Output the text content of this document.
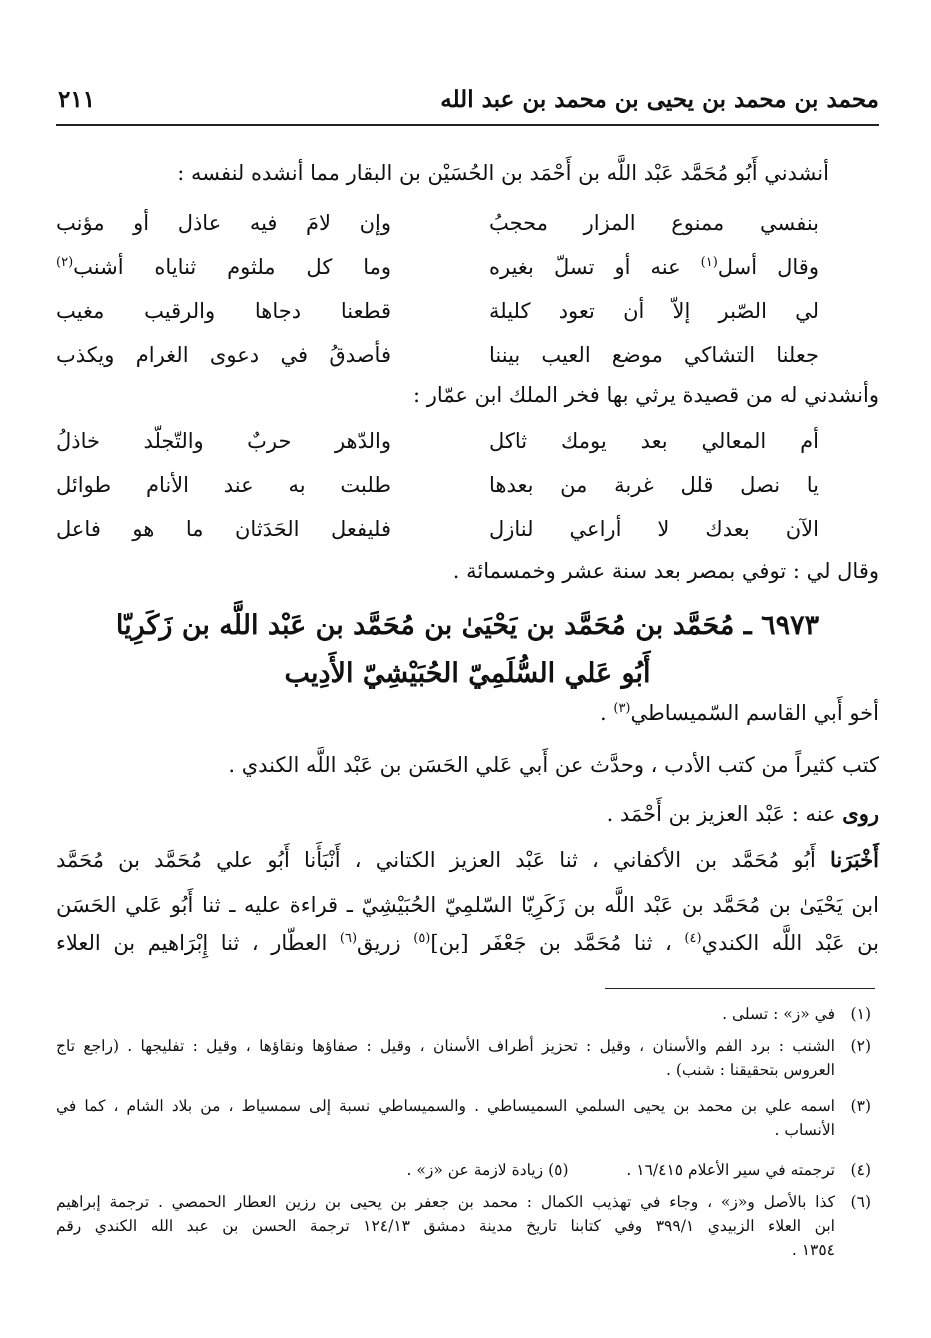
محمد بن محمد بن يحيى بن محمد بن عبد الله
٢١١
أنشدني أَبُو مُحَمَّد عَبْد اللَّه بن أَحْمَد بن الحُسَيْن بن البقار مما أنشده لنفسه :
بنفسي ممنوع المزار محجبُ
وإن لامَ فيه عاذل أو مؤنب
وقال أسل$^{(١)}$ عنه أو تسلّ بغيره
وما كل ملثوم ثناياه أشنب$^{(٢)}$
لي الصّبر إلاّ أن تعود كليلة
قطعنا دجاها والرقيب مغيب
جعلنا التشاكي موضع العيب بيننا
فأصدقُ في دعوى الغرام ويكذب
وأنشدني له من قصيدة يرثي بها فخر الملك ابن عمّار :
أم المعالي بعد يومك ثاكل
والدّهر حربٌ والتّجلّد خاذلُ
يا نصل قلل غربة من بعدها
طلبت به عند الأنام طوائل
الآن بعدك لا أراعي لنازل
فليفعل الحَدَثان ما هو فاعل
وقال لي : توفي بمصر بعد سنة عشر وخمسمائة .
٦٩٧٣ ـ مُحَمَّد بن مُحَمَّد بن يَحْيَىٰ بن مُحَمَّد بن عَبْد اللَّه بن زَكَرِيّا
أَبُو عَلي السُّلَمِيّ الحُبَيْشِيّ الأَدِيب
أخو أَبي القاسم السّميساطي$^{(٣)}$ .
كتب كثيراً من كتب الأدب ، وحدَّث عن أَبي عَلي الحَسَن بن عَبْد اللَّه الكندي .
روى عنه : عَبْد العزيز بن أَحْمَد .
أَخْبَرَنا أَبُو مُحَمَّد بن الأكفاني ، ثنا عَبْد العزيز الكتاني ، أَنْبَأَنا أَبُو علي مُحَمَّد بن مُحَمَّد
ابن يَحْيَىٰ بن مُحَمَّد بن عَبْد اللَّه بن زَكَرِيّا السّلمِيّ الحُبَيْشِيّ ـ قراءة عليه ـ ثنا أَبُو عَلي الحَسَن
بن عَبْد اللَّه الكندي$^{(٤)}$ ، ثنا مُحَمَّد بن جَعْفَر [بن]$^{(٥)}$ زريق$^{(٦)}$ العطّار ، ثنا إِبْرَاهيم بن العلاء
(١)
في «ز» : تسلى .
(٢)
الشنب : برد الفم والأسنان ، وقيل : تحزيز أطراف الأسنان ، وقيل : صفاؤها ونقاؤها ، وقيل : تفليجها . (راجع تاج
العروس بتحقيقنا : شنب) .
(٣)
اسمه علي بن محمد بن يحيى السلمي السميساطي . والسميساطي نسبة إلى سمسياط ، من بلاد الشام ، كما في
الأنساب .
(٤)
ترجمته في سير الأعلام ١٦/٤١٥ .  (٥) زيادة لازمة عن «ز» .
(٦)
كذا بالأصل و«ز» ، وجاء في تهذيب الكمال : محمد بن جعفر بن يحيى بن رزين العطار الحمصي . ترجمة إبراهيم
ابن العلاء الزبيدي ٣٩٩/١ وفي كتابنا تاريخ مدينة دمشق ١٢٤/١٣ ترجمة الحسن بن عبد الله الكندي رقم
١٣٥٤ .
